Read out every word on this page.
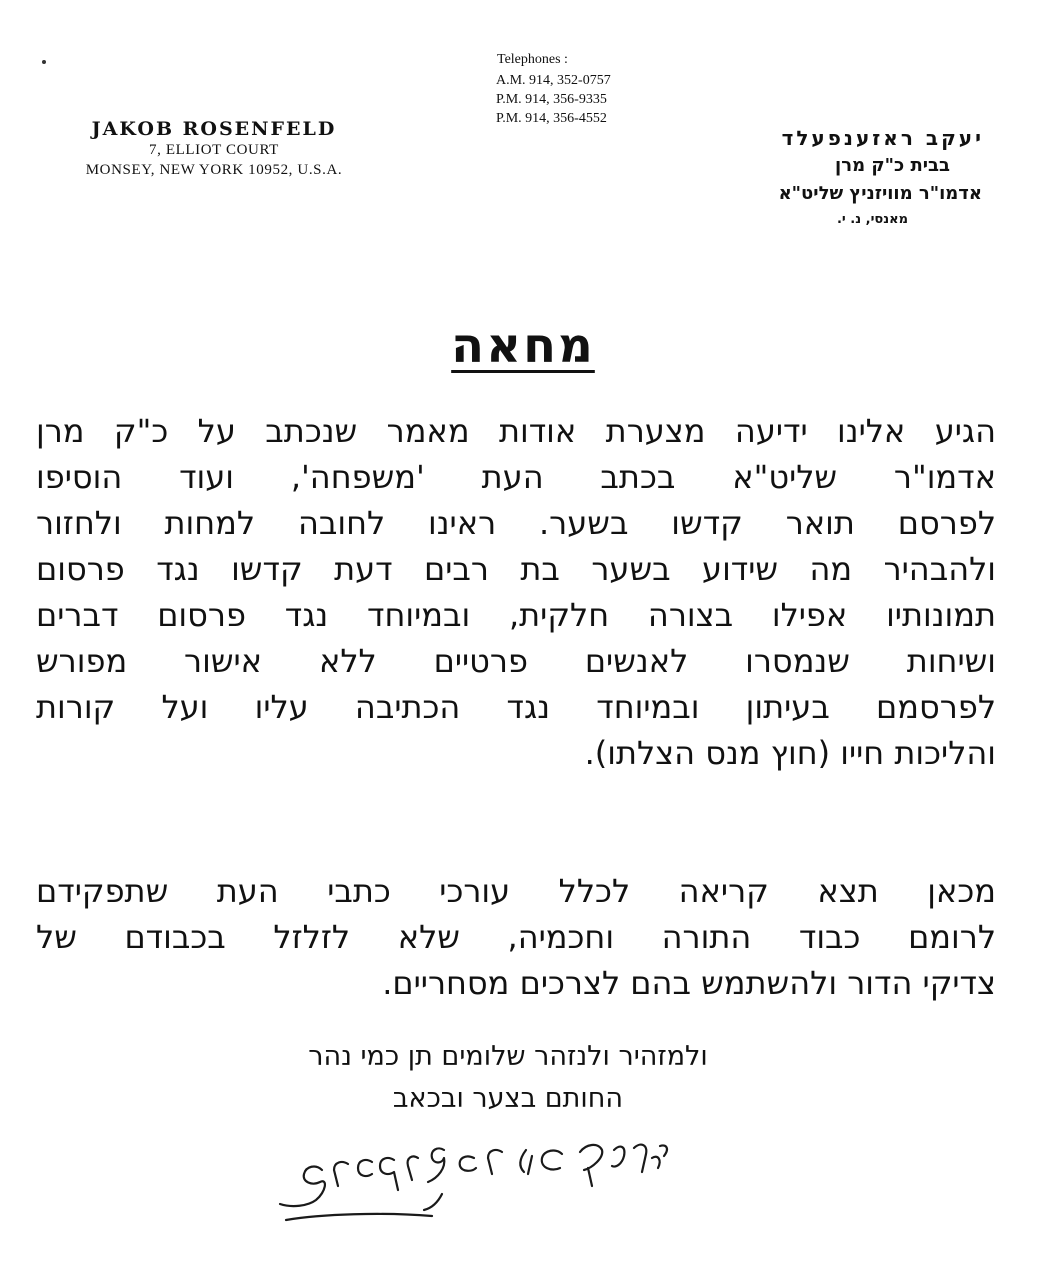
JAKOB ROSENFELD
7, ELLIOT COURT
MONSEY, NEW YORK 10952, U.S.A.
Telephones :
A.M. 914, 352-0757
P.M. 914, 356-9335
P.M. 914, 356-4552
יעקב ראזענפעלד
בבית כ"ק מרן
אדמו"ר מוויזניץ שליט"א
מאנסי, נ. י.
מחאה
הגיע אלינו ידיעה מצערת אודות מאמר שנכתב על כ"ק מרן
אדמו"ר שליט"א בכתב העת 'משפחה', ועוד הוסיפו
לפרסם תואר קדשו בשער. ראינו לחובה למחות ולחזור
ולהבהיר מה שידוע בשער בת רבים דעת קדשו נגד פרסום
תמונותיו אפילו בצורה חלקית, ובמיוחד נגד פרסום דברים
ושיחות שנמסרו לאנשים פרטיים ללא אישור מפורש
לפרסמם בעיתון ובמיוחד נגד הכתיבה עליו ועל קורות
והליכות חייו (חוץ מנס הצלתו).
מכאן תצא קריאה לכלל עורכי כתבי העת שתפקידם
לרומם כבוד התורה וחכמיה, שלא לזלזל בכבודם של
צדיקי הדור ולהשתמש בהם לצרכים מסחריים.
ולמזהיר ולנזהר שלומים תן כמי נהר
החותם בצער ובכאב
